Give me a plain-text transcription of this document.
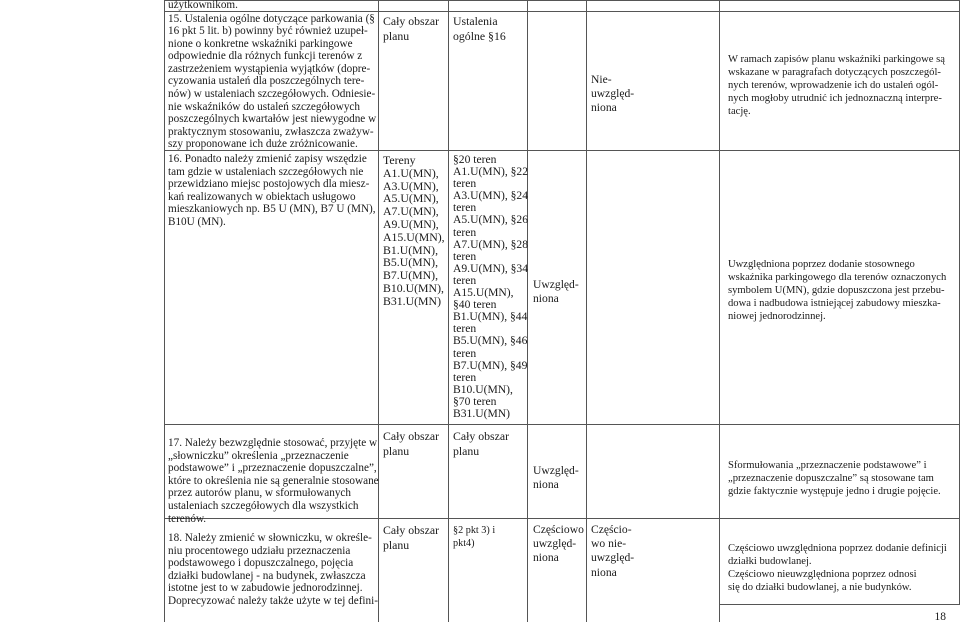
użytkownikom.

15. Ustalenia ogólne dotyczące parkowania (§

16 pkt 5 lit. b) powinny być również uzupeł-

nione o konkretne wskaźniki parkingowe

odpowiednie dla różnych funkcji terenów z

zastrzeżeniem wystąpienia wyjątków (dopre-

cyzowania ustaleń dla poszczególnych tere-

nów) w ustaleniach szczegółowych. Odniesie-

nie wskaźników do ustaleń szczegółowych

poszczególnych kwartałów jest niewygodne w

praktycznym stosowaniu, zwłaszcza zważyw-

szy proponowane ich duże zróżnicowanie.

16. Ponadto należy zmienić zapisy wszędzie

tam gdzie w ustaleniach szczegółowych nie

przewidziano miejsc postojowych dla miesz-

kań realizowanych w obiektach usługowo

mieszkaniowych np. B5 U (MN), B7 U (MN),

B10U (MN).

17. Należy bezwzględnie stosować, przyjęte w

„słowniczku” określenia „przeznaczenie

podstawowe” i „przeznaczenie dopuszczalne”,

które to określenia nie są generalnie stosowane

przez autorów planu, w sformułowanych

ustaleniach szczegółowych dla wszystkich

terenów.

18. Należy zmienić w słowniczku, w określe-

niu procentowego udziału przeznaczenia

podstawowego i dopuszczalnego, pojęcia

działki budowlanej - na budynek, zwłaszcza

istotne jest to w zabudowie jednorodzinnej.

Doprecyzować należy także użyte w tej defini-

Cały obszar

planu

Tereny

A1.U(MN),

A3.U(MN),

A5.U(MN),

A7.U(MN),

A9.U(MN),

A15.U(MN),

B1.U(MN),

B5.U(MN),

B7.U(MN),

B10.U(MN),

B31.U(MN)

Cały obszar

planu

Cały obszar

planu

Ustalenia

ogólne §16

§20 teren

A1.U(MN), §22

teren

A3.U(MN), §24

teren

A5.U(MN), §26

teren

A7.U(MN), §28

teren

A9.U(MN), §34

teren

A15.U(MN),

§40 teren

B1.U(MN), §44

teren

B5.U(MN), §46

teren

B7.U(MN), §49

teren

B10.U(MN),

§70 teren

B31.U(MN)

Cały obszar

planu

§2 pkt 3) i

pkt4)

Uwzględ-

niona

Uwzględ-

niona

Częściowo

uwzględ-

niona

Nie-

uwzględ-

niona

Częścio-

wo nie-

uwzględ-

niona

W ramach zapisów planu wskaźniki parkingowe są

wskazane w paragrafach dotyczących poszczegól-

nych terenów, wprowadzenie ich do ustaleń ogól-

nych mogłoby utrudnić ich jednoznaczną interpre-

tację.

Uwzględniona poprzez dodanie stosownego

wskaźnika parkingowego dla terenów oznaczonych

symbolem U(MN), gdzie dopuszczona jest przebu-

dowa i nadbudowa istniejącej zabudowy mieszka-

niowej jednorodzinnej.

Sformułowania „przeznaczenie podstawowe” i

„przeznaczenie dopuszczalne” są stosowane tam

gdzie faktycznie występuje jedno i drugie pojęcie.

Częściowo uwzględniona poprzez dodanie definicji

działki budowlanej.

Częściowo nieuwzględniona poprzez odnosi

się do działki budowlanej, a nie budynków.

18
